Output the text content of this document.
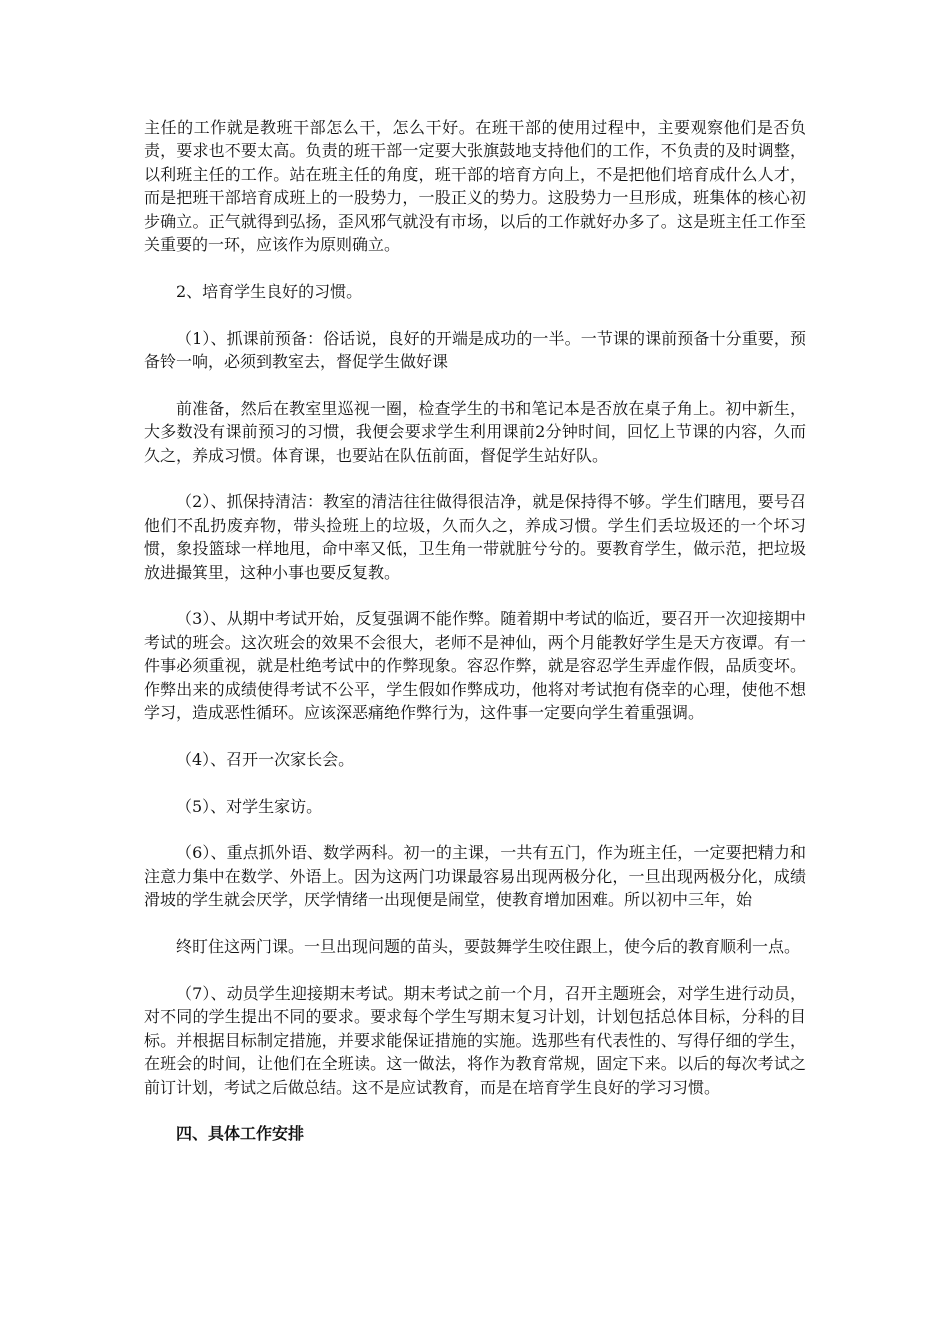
主任的工作就是教班干部怎么干，怎么干好。在班干部的使用过程中，主要观察他们是否负责，要求也不要太高。负责的班干部一定要大张旗鼓地支持他们的工作，不负责的及时调整，以利班主任的工作。站在班主任的角度，班干部的培育方向上，不是把他们培育成什么人才，而是把班干部培育成班上的一股势力，一股正义的势力。这股势力一旦形成，班集体的核心初步确立。正气就得到弘扬，歪风邪气就没有市场，以后的工作就好办多了。这是班主任工作至关重要的一环，应该作为原则确立。

2、培育学生良好的习惯。

（1）、抓课前预备：俗话说，良好的开端是成功的一半。一节课的课前预备十分重要，预备铃一响，必须到教室去，督促学生做好课

前准备，然后在教室里巡视一圈，检查学生的书和笔记本是否放在桌子角上。初中新生，大多数没有课前预习的习惯，我便会要求学生利用课前2分钟时间，回忆上节课的内容，久而久之，养成习惯。体育课，也要站在队伍前面，督促学生站好队。

（2）、抓保持清洁：教室的清洁往往做得很洁净，就是保持得不够。学生们瞎甩，要号召他们不乱扔废弃物，带头捡班上的垃圾，久而久之，养成习惯。学生们丢垃圾还的一个坏习惯，象投篮球一样地甩，命中率又低，卫生角一带就脏兮兮的。要教育学生，做示范，把垃圾放进撮箕里，这种小事也要反复教。

（3）、从期中考试开始，反复强调不能作弊。随着期中考试的临近，要召开一次迎接期中考试的班会。这次班会的效果不会很大，老师不是神仙，两个月能教好学生是天方夜谭。有一件事必须重视，就是杜绝考试中的作弊现象。容忍作弊，就是容忍学生弄虚作假，品质变坏。作弊出来的成绩使得考试不公平，学生假如作弊成功，他将对考试抱有侥幸的心理，使他不想学习，造成恶性循环。应该深恶痛绝作弊行为，这件事一定要向学生着重强调。

（4）、召开一次家长会。

（5）、对学生家访。

（6）、重点抓外语、数学两科。初一的主课，一共有五门，作为班主任，一定要把精力和注意力集中在数学、外语上。因为这两门功课最容易出现两极分化，一旦出现两极分化，成绩滑坡的学生就会厌学，厌学情绪一出现便是闹堂，使教育增加困难。所以初中三年，始

终盯住这两门课。一旦出现问题的苗头，要鼓舞学生咬住跟上，使今后的教育顺利一点。

（7）、动员学生迎接期末考试。期末考试之前一个月，召开主题班会，对学生进行动员，对不同的学生提出不同的要求。要求每个学生写期末复习计划，计划包括总体目标，分科的目标。并根据目标制定措施，并要求能保证措施的实施。选那些有代表性的、写得仔细的学生，在班会的时间，让他们在全班读。这一做法，将作为教育常规，固定下来。以后的每次考试之前订计划，考试之后做总结。这不是应试教育，而是在培育学生良好的学习习惯。

四、具体工作安排
